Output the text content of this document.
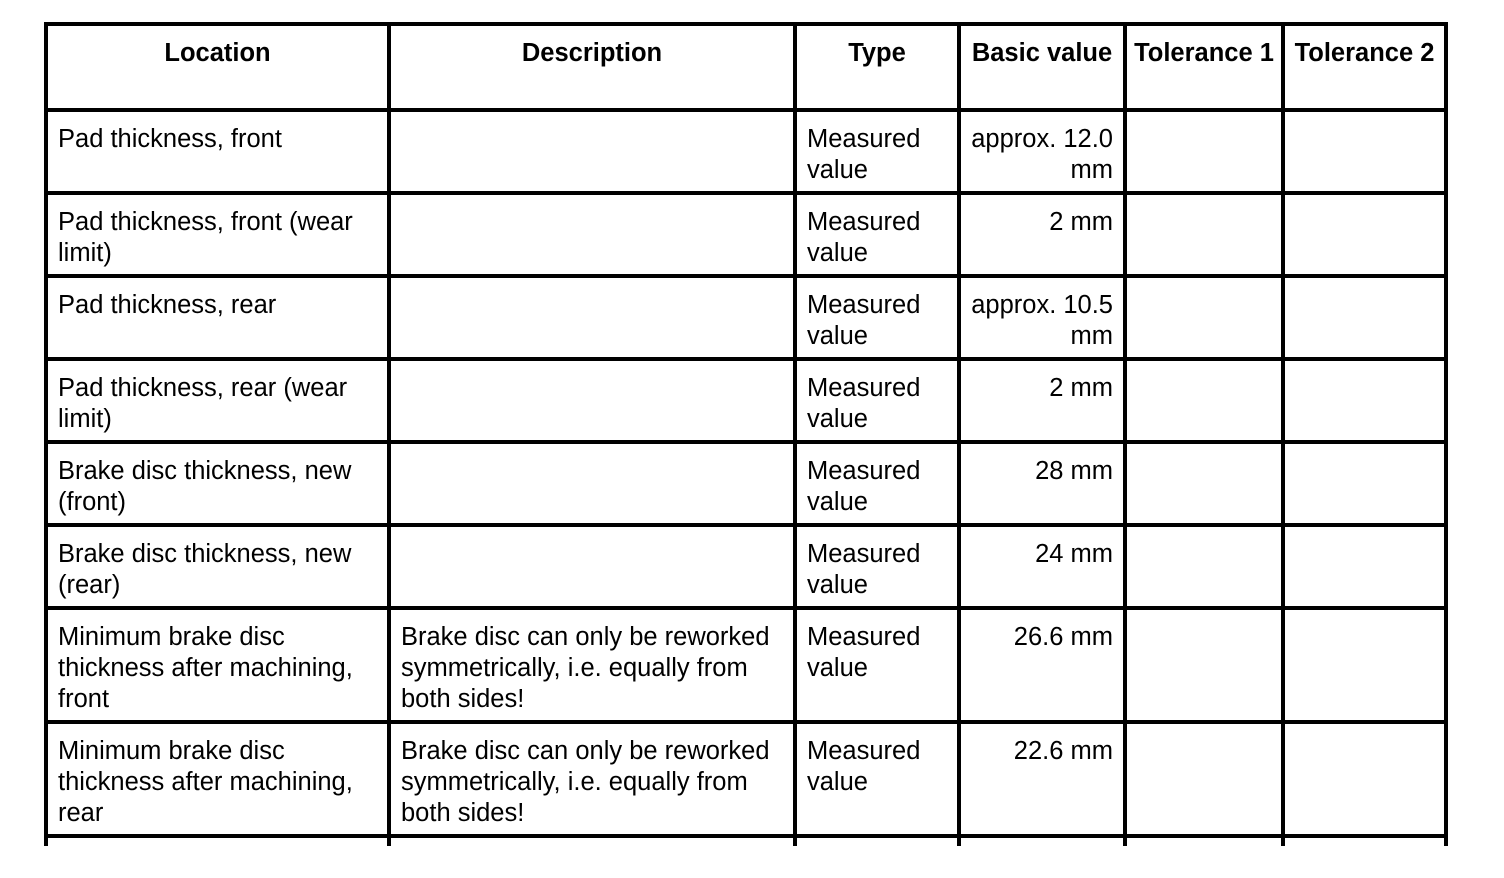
Location	Description	Type	Basic value	Tolerance 1	Tolerance 2
Pad thickness, front		Measured value	approx. 12.0 mm		
Pad thickness, front (wear limit)		Measured value	2 mm		
Pad thickness, rear		Measured value	approx. 10.5 mm		
Pad thickness, rear (wear limit)		Measured value	2 mm		
Brake disc thickness, new (front)		Measured value	28 mm		
Brake disc thickness, new (rear)		Measured value	24 mm		
Minimum brake disc thickness after machining, front	Brake disc can only be reworked symmetrically, i.e. equally from both sides!	Measured value	26.6 mm		
Minimum brake disc thickness after machining, rear	Brake disc can only be reworked symmetrically, i.e. equally from both sides!	Measured value	22.6 mm		
